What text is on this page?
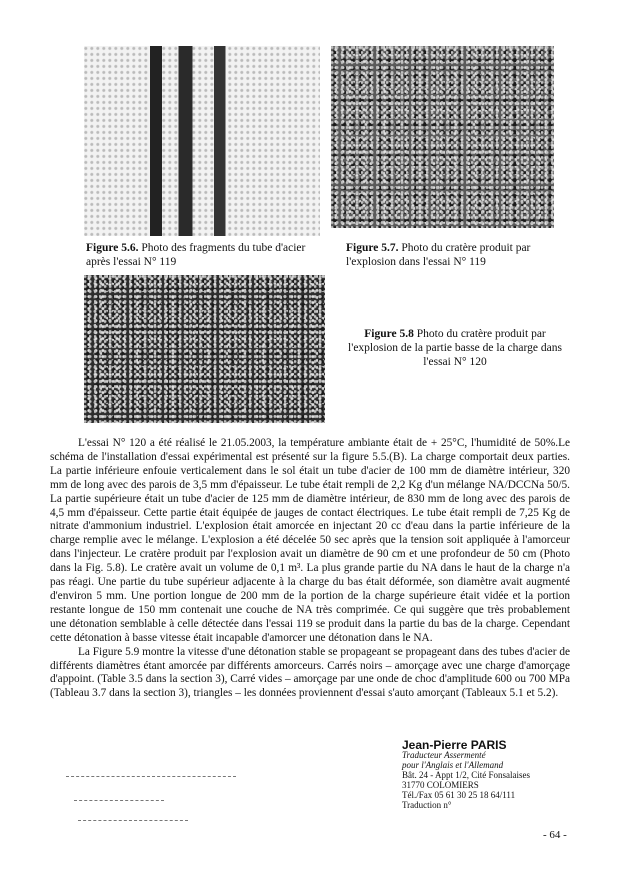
Figure 5.6. Photo des fragments du tube d'acier après l'essai N° 119
Figure 5.7. Photo du cratère produit par l'explosion dans l'essai N° 119
Figure 5.8 Photo du cratère produit par l'explosion de la partie basse de la charge dans l'essai N° 120

L'essai N° 120 a été réalisé le 21.05.2003, la température ambiante était de + 25°C, l'humidité de 50%.Le schéma de l'installation d'essai expérimental est présenté sur la figure 5.5.(B). La charge comportait deux parties. La partie inférieure enfouie verticalement dans le sol était un tube d'acier de 100 mm de diamètre intérieur, 320 mm de long avec des parois de 3,5 mm d'épaisseur. Le tube était rempli de 2,2 Kg d'un mélange NA/DCCNa 50/5. La partie supérieure était un tube d'acier de 125 mm de diamètre intérieur, de 830 mm de long avec des parois de 4,5 mm d'épaisseur. Cette partie était équipée de jauges de contact électriques. Le tube était rempli de 7,25 Kg de nitrate d'ammonium industriel. L'explosion était amorcée en injectant 20 cc d'eau dans la partie inférieure de la charge remplie avec le mélange. L'explosion a été décelée 50 sec après que la tension soit appliquée à l'amorceur dans l'injecteur. Le cratère produit par l'explosion avait un diamètre de 90 cm et une profondeur de 50 cm (Photo dans la Fig. 5.8). Le cratère avait un volume de 0,1 m³. La plus grande partie du NA dans le haut de la charge n'a pas réagi. Une partie du tube supérieur adjacente à la charge du bas était déformée, son diamètre avait augmenté d'environ 5 mm. Une portion longue de 200 mm de la portion de la charge supérieure était vidée et la portion restante longue de 150 mm contenait une couche de NA très comprimée. Ce qui suggère que très probablement une détonation semblable à celle détectée dans l'essai 119 se produit dans la partie du bas de la charge. Cependant cette détonation à basse vitesse était incapable d'amorcer une détonation dans le NA.

La Figure 5.9 montre la vitesse d'une détonation stable se propageant se propageant dans des tubes d'acier de différents diamètres étant amorcée par différents amorceurs. Carrés noirs – amorçage avec une charge d'amorçage d'appoint. (Table 3.5 dans la section 3), Carré vides – amorçage par une onde de choc d'amplitude 600 ou 700 MPa (Tableau 3.7 dans la section 3), triangles – les données proviennent d'essai s'auto amorçant (Tableaux 5.1 et 5.2).

Jean-Pierre PARIS
Traducteur Assermenté
pour l'Anglais et l'Allemand
Bât. 24 - Appt 1/2, Cité Fonsalaises
31770 COLOMIERS
Tél./Fax 05 61 30 25 18 64/111
Traduction n°
- 64 -
